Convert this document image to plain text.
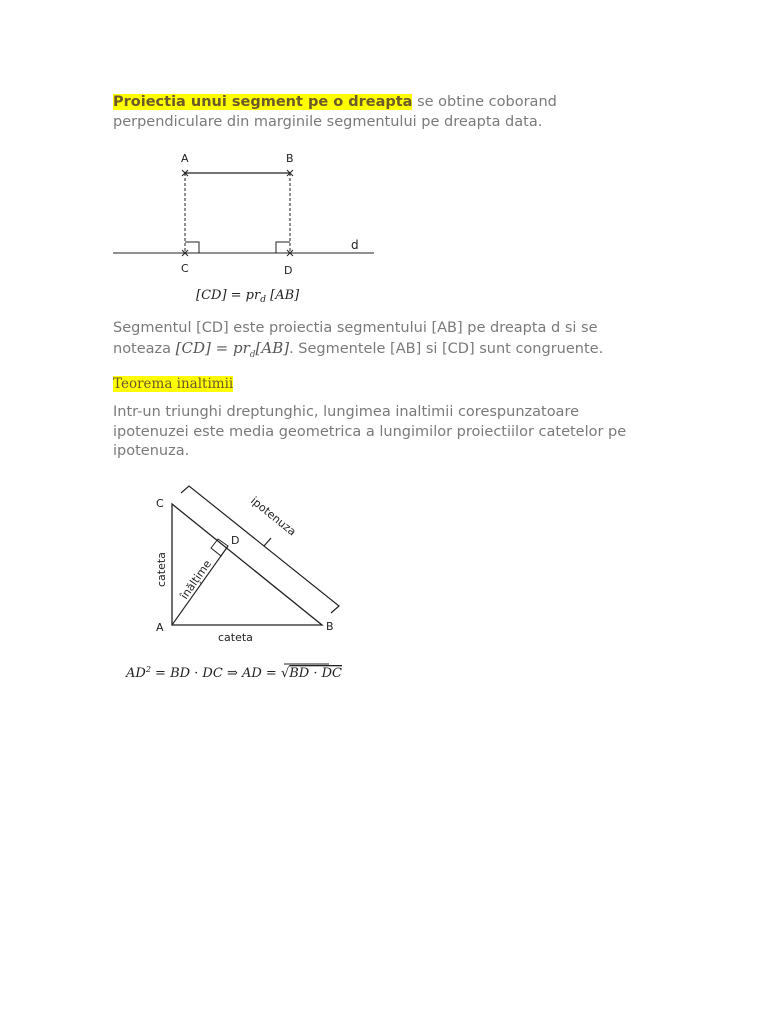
Proiectia unui segment pe o dreapta se obtine coborand
perpendiculare din marginile segmentului pe dreapta data.

A	B
C	D
d
$[CD] = pr_d$ [AB]

Segmentul [CD] este proiectia segmentului [AB] pe dreapta d si se
noteaza $[CD] = pr_d[AB]$. Segmentele [AB] si [CD] sunt congruente.

Teorema inaltimii

Intr-un triunghi dreptunghic, lungimea inaltimii corespunzatoare
ipotenuzei este media geometrica a lungimilor proiectiilor catetelor pe
ipotenuza.

C
A	B
D
cateta
cateta
înălțime
ipotenuza
$AD^2$ = BD · DC ⇒ AD = √BD · DC
